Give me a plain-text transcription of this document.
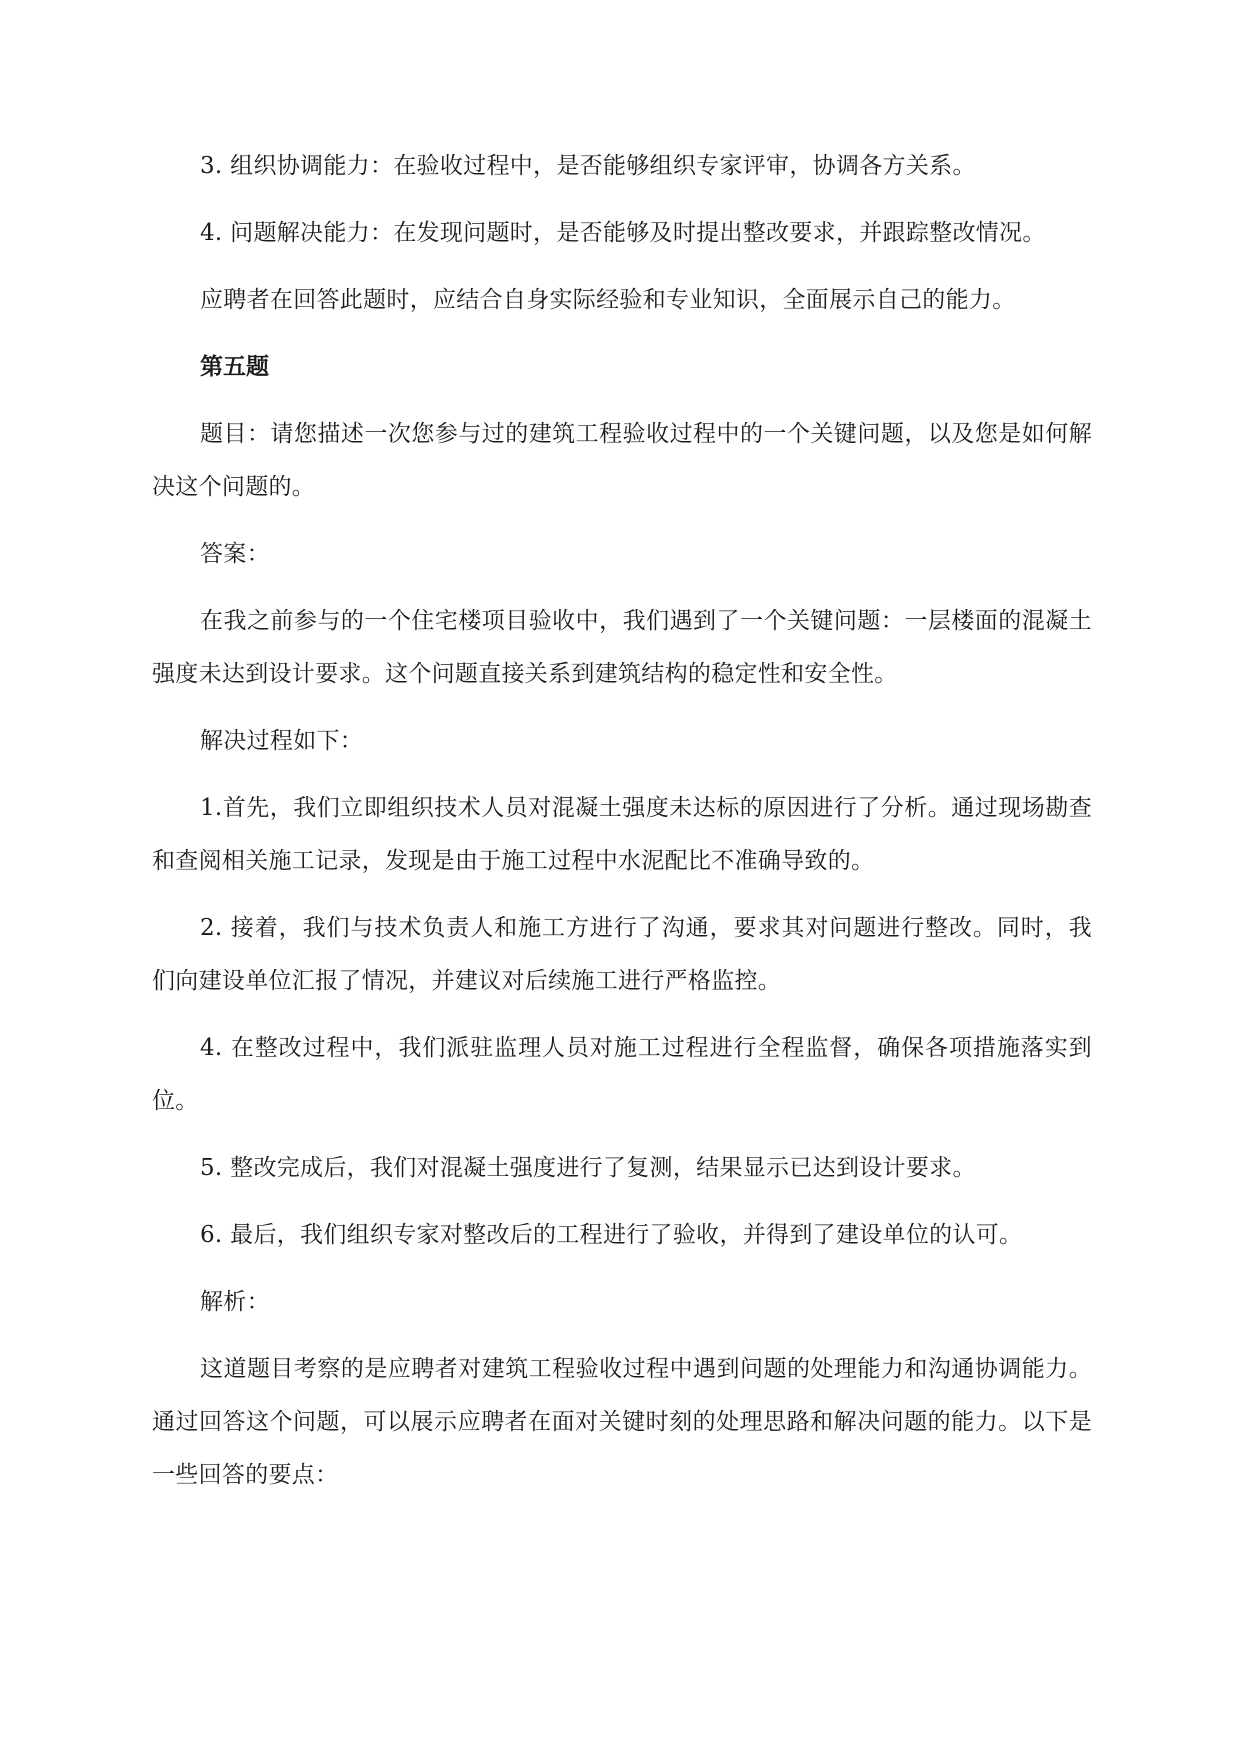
3. 组织协调能力：在验收过程中，是否能够组织专家评审，协调各方关系。

4. 问题解决能力：在发现问题时，是否能够及时提出整改要求，并跟踪整改情况。

应聘者在回答此题时，应结合自身实际经验和专业知识，全面展示自己的能力。

第五题

题目：请您描述一次您参与过的建筑工程验收过程中的一个关键问题，以及您是如何解决这个问题的。

答案：

在我之前参与的一个住宅楼项目验收中，我们遇到了一个关键问题：一层楼面的混凝土强度未达到设计要求。这个问题直接关系到建筑结构的稳定性和安全性。

解决过程如下：

1.首先，我们立即组织技术人员对混凝土强度未达标的原因进行了分析。通过现场勘查和查阅相关施工记录，发现是由于施工过程中水泥配比不准确导致的。

2. 接着，我们与技术负责人和施工方进行了沟通，要求其对问题进行整改。同时，我们向建设单位汇报了情况，并建议对后续施工进行严格监控。

4. 在整改过程中，我们派驻监理人员对施工过程进行全程监督，确保各项措施落实到位。

5. 整改完成后，我们对混凝土强度进行了复测，结果显示已达到设计要求。

6. 最后，我们组织专家对整改后的工程进行了验收，并得到了建设单位的认可。

解析：

这道题目考察的是应聘者对建筑工程验收过程中遇到问题的处理能力和沟通协调能力。通过回答这个问题，可以展示应聘者在面对关键时刻的处理思路和解决问题的能力。以下是一些回答的要点：
